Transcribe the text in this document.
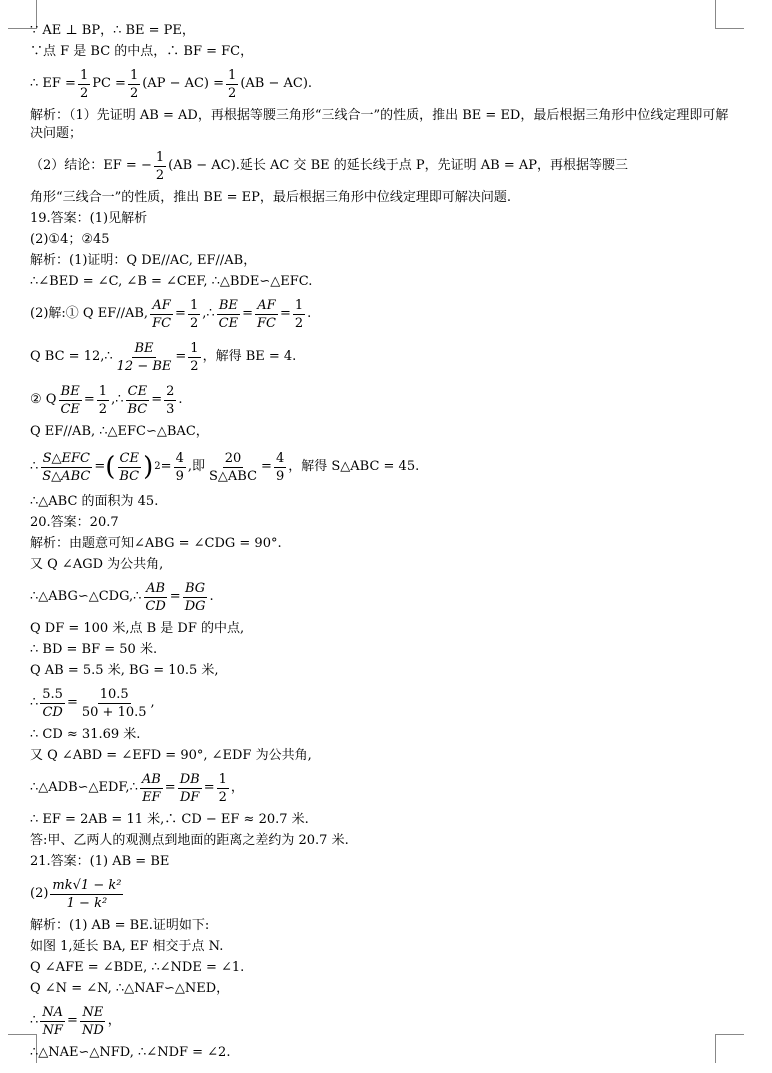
∵ AE ⊥ BP，∴ BE = PE，
∵点 F 是 BC 的中点，∴ BF = FC，
∴ EF = $\frac{1}{2}$ PC = $\frac{1}{2} (AP - AC) = \frac{1}{2} (AB - AC)$.
解析：（1）先证明 AB = AD，再根据等腰三角形“三线合一”的性质，推出 BE = ED，最后根据三角形中位线定理即可解决问题；
（2）结论：EF = − $\frac{1}{2} (AB - AC)$.延长 AC 交 BE 的延长线于点 P，先证明 AB = AP，再根据等腰三
角形“三线合一”的性质，推出 BE = EP，最后根据三角形中位线定理即可解决问题.
19.答案：(1)见解析
(2)①4；②45
解析：(1)证明：Q DE//AC, EF//AB，
∴∠BED = ∠C, ∠B = ∠CEF, ∴△BDE∽△EFC.
(2)解:① Q EF//AB, $\frac{AF}{FC} = \frac{1}{2}$ ,∴ $\frac{BE}{CE} = \frac{AF}{FC} = \frac{1}{2}$ .
Q BC = 12,∴ $\frac{BE}{12 - BE} = \frac{1}{2}$ ，解得 BE = 4.
② Q $\frac{BE}{CE} = \frac{1}{2}$ ,∴ $\frac{CE}{BC} = \frac{2}{3}$ .
Q EF//AB, ∴△EFC∽△BAC，
∴ $\frac{\text{S△EFC}}{\text{S△ABC}}$ = ( $\frac{CE}{BC}$ ) $2 = \frac{4}{9}$ ,即 $\frac{20}{\text{S△ABC}} = \frac{4}{9}$ ，解得 S△ABC = 45.
∴△ABC 的面积为 45.
20.答案：20.7
解析：由题意可知∠ABG = ∠CDG = 90°.
又 Q ∠AGD 为公共角,
∴△ABG∽△CDG,∴ $\frac{AB}{CD} = \frac{BG}{DG}$ .
Q DF = 100 米,点 B 是 DF 的中点,
∴ BD = BF = 50 米.
Q AB = 5.5 米, BG = 10.5 米,
∴ $\frac{5.5}{CD} = \frac{10.5}{50 + 10.5}$ ,
∴ CD ≈ 31.69 米.
又 Q ∠ABD = ∠EFD = 90°, ∠EDF 为公共角,
∴△ADB∽△EDF,∴ $\frac{AB}{EF} = \frac{DB}{DF} = \frac{1}{2}$ ，
∴ EF = 2AB = 11 米,∴ CD − EF ≈ 20.7 米.
答:甲、乙两人的观测点到地面的距离之差约为 20.7 米.
21.答案：(1) AB = BE
$(2) \frac{\text{mk√1 − k²}}{\text{1 − k²}}$
解析：(1) AB = BE.证明如下:
如图 1,延长 BA, EF 相交于点 N.
Q ∠AFE = ∠BDE, ∴∠NDE = ∠1.
Q ∠N = ∠N, ∴△NAF∽△NED，
∴ $\frac{NA}{NF} = \frac{NE}{ND}$ ，
∴△NAE∽△NFD, ∴∠NDF = ∠2.
